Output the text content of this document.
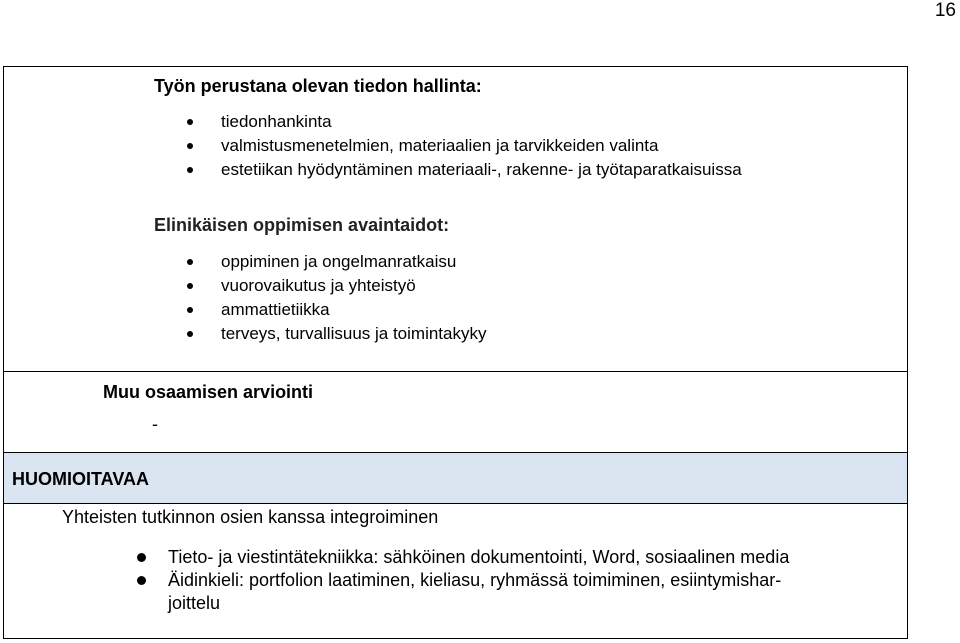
16
Työn perustana olevan tiedon hallinta:
tiedonhankinta
valmistusmenetelmien, materiaalien ja tarvikkeiden valinta
estetiikan hyödyntäminen materiaali-, rakenne- ja työtaparatkaisuissa
Elinikäisen oppimisen avaintaidot:
oppiminen ja ongelmanratkaisu
vuorovaikutus ja yhteistyö
ammattietiikka
terveys, turvallisuus ja toimintakyky
Muu osaamisen arviointi
-
HUOMIOITAVAA
Yhteisten tutkinnon osien kanssa integroiminen
Tieto- ja viestintätekniikka: sähköinen dokumentointi, Word, sosiaalinen media
Äidinkieli: portfolion laatiminen, kieliasu, ryhmässä toimiminen, esiintymishar-
joittelu
